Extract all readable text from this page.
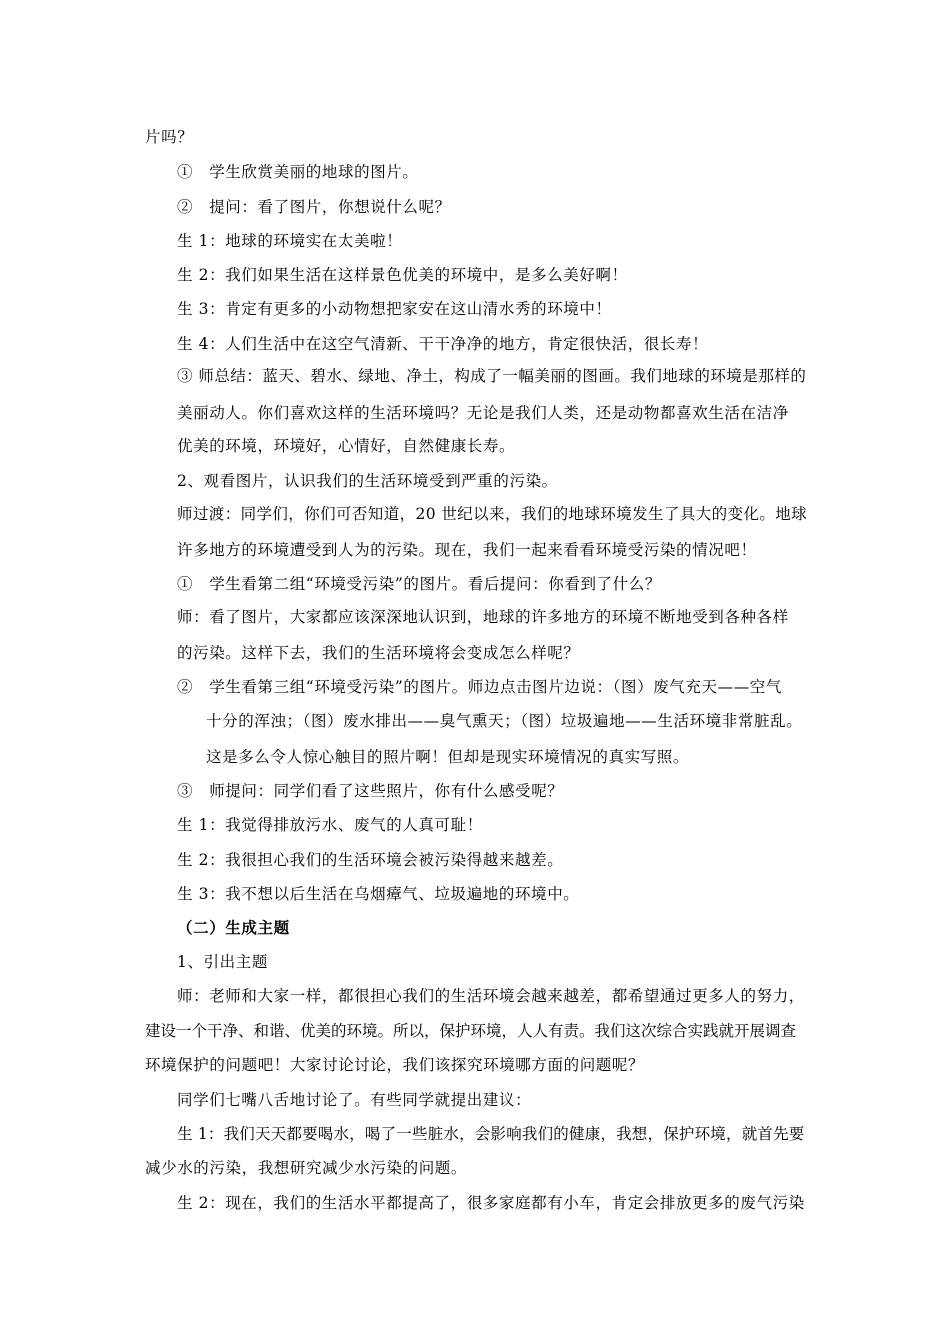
片吗？
①　学生欣赏美丽的地球的图片。
②　提问：看了图片，你想说什么呢？
生 1：地球的环境实在太美啦！
生 2：我们如果生活在这样景色优美的环境中，是多么美好啊！
生 3：肯定有更多的小动物想把家安在这山清水秀的环境中！
生 4：人们生活中在这空气清新、干干净净的地方，肯定很快活，很长寿！
③ 师总结：蓝天、碧水、绿地、净土，构成了一幅美丽的图画。我们地球的环境是那样的
美丽动人。你们喜欢这样的生活环境吗？无论是我们人类，还是动物都喜欢生活在洁净
优美的环境，环境好，心情好，自然健康长寿。
2、观看图片，认识我们的生活环境受到严重的污染。
师过渡：同学们，你们可否知道，20 世纪以来，我们的地球环境发生了具大的变化。地球
许多地方的环境遭受到人为的污染。现在，我们一起来看看环境受污染的情况吧！
①　学生看第二组“环境受污染”的图片。看后提问：你看到了什么？
师：看了图片，大家都应该深深地认识到，地球的许多地方的环境不断地受到各种各样
的污染。这样下去，我们的生活环境将会变成怎么样呢？
②　学生看第三组“环境受污染”的图片。师边点击图片边说：（图）废气充天——空气
十分的浑浊；（图）废水排出——臭气熏天；（图）垃圾遍地——生活环境非常脏乱。
这是多么令人惊心触目的照片啊！但却是现实环境情况的真实写照。
③　师提问：同学们看了这些照片，你有什么感受呢？
生 1：我觉得排放污水、废气的人真可耻！
生 2：我很担心我们的生活环境会被污染得越来越差。
生 3：我不想以后生活在乌烟瘴气、垃圾遍地的环境中。
（二）生成主题
1、引出主题
师：老师和大家一样，都很担心我们的生活环境会越来越差，都希望通过更多人的努力，
建设一个干净、和谐、优美的环境。所以，保护环境，人人有责。我们这次综合实践就开展调查
环境保护的问题吧！大家讨论讨论，我们该探究环境哪方面的问题呢？
同学们七嘴八舌地讨论了。有些同学就提出建议：
生 1：我们天天都要喝水，喝了一些脏水，会影响我们的健康，我想，保护环境，就首先要
减少水的污染，我想研究减少水污染的问题。
生 2：现在，我们的生活水平都提高了，很多家庭都有小车，肯定会排放更多的废气污染
